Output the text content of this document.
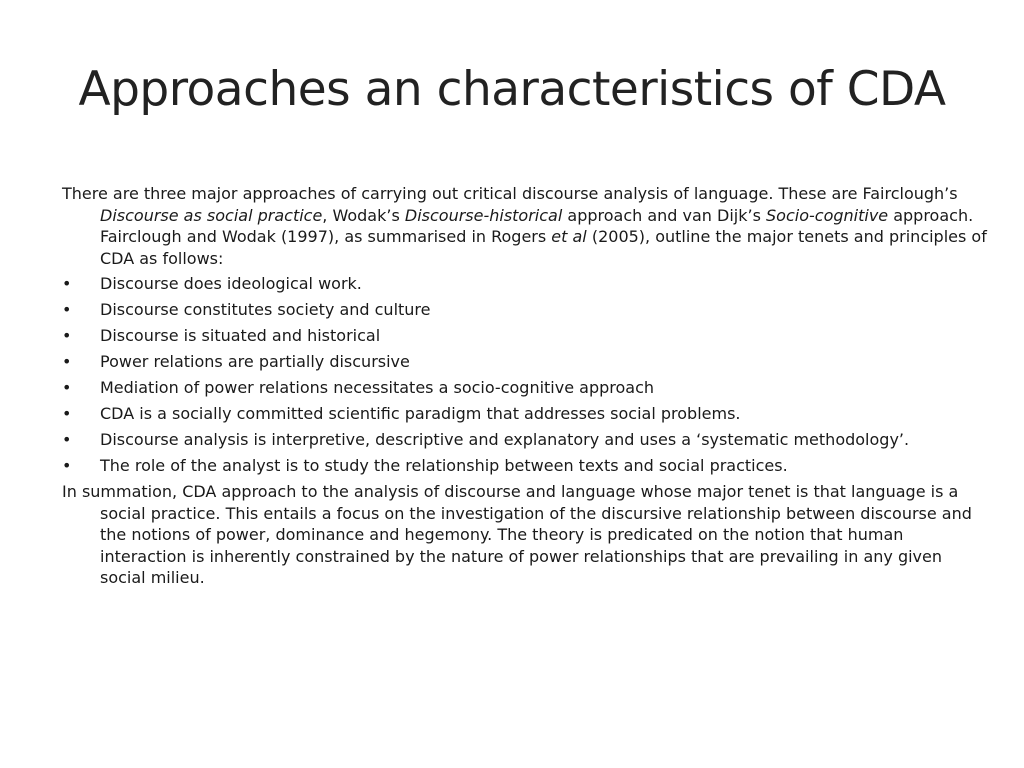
Approaches an characteristics of CDA

There are three major approaches of carrying out critical discourse analysis of language. These are Fairclough’s Discourse as social practice, Wodak’s Discourse-historical approach and van Dijk’s Socio-cognitive approach. Fairclough and Wodak (1997), as summarised in Rogers et al (2005), outline the major tenets and principles of CDA as follows:

• Discourse does ideological work.
• Discourse constitutes society and culture
• Discourse is situated and historical
• Power relations are partially discursive
• Mediation of power relations necessitates a socio-cognitive approach
• CDA is a socially committed scientific paradigm that addresses social problems.
• Discourse analysis is interpretive, descriptive and explanatory and uses a ‘systematic methodology’.
• The role of the analyst is to study the relationship between texts and social practices.

In summation, CDA approach to the analysis of discourse and language whose major tenet is that language is a social practice. This entails a focus on the investigation of the discursive relationship between discourse and the notions of power, dominance and hegemony. The theory is predicated on the notion that human interaction is inherently constrained by the nature of power relationships that are prevailing in any given social milieu.
